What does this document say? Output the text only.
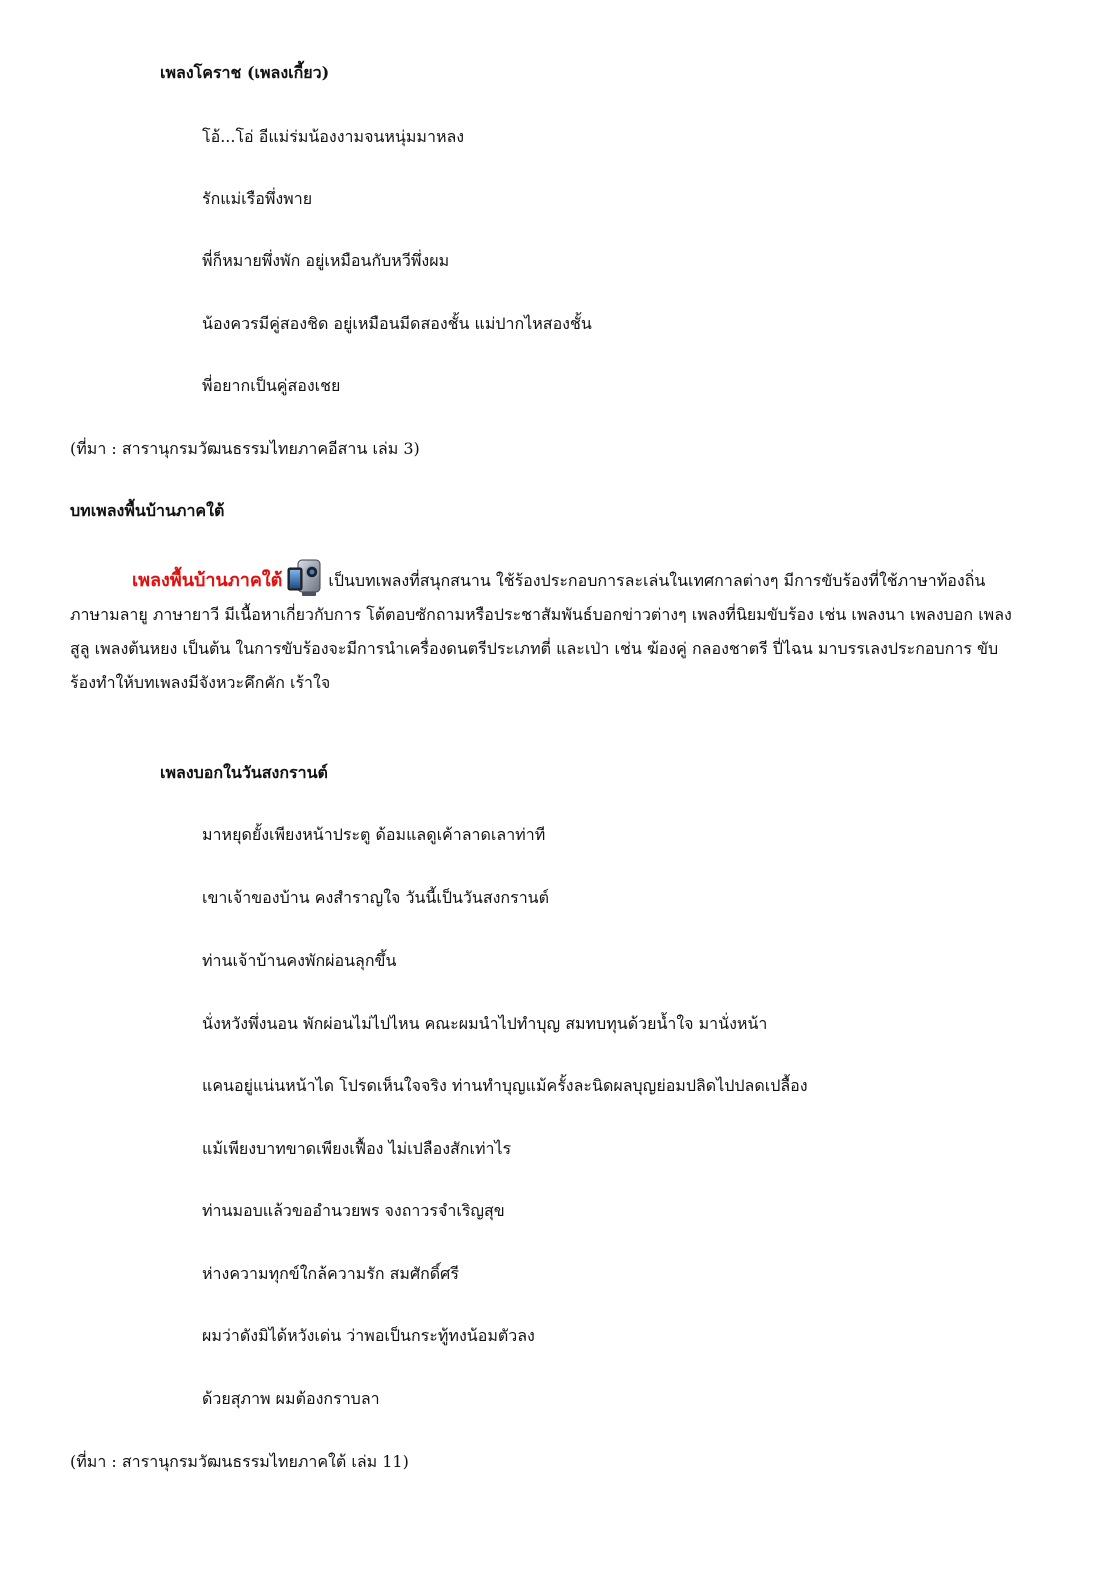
เพลงโคราช (เพลงเกี้ยว)
โอ้...โอ่ อีแม่ร่มน้องงามจนหนุ่มมาหลง
รักแม่เรือพึ่งพาย
พี่ก็หมายพึ่งพัก อยู่เหมือนกับหวีพึ่งผม
น้องควรมีคู่สองชิด อยู่เหมือนมีดสองชั้น แม่ปากไหสองชั้น
พี่อยากเป็นคู่สองเชย
(ที่มา : สารานุกรมวัฒนธรรมไทยภาคอีสาน เล่ม 3)
บทเพลงพื้นบ้านภาคใต้
เพลงพื้นบ้านภาคใต้	เป็นบทเพลงที่สนุกสนาน ใช้ร้องประกอบการละเล่นในเทศกาลต่างๆ มีการขับร้องที่ใช้ภาษาท้องถิ่น
ภาษามลายู ภาษายาวี มีเนื้อหาเกี่ยวกับการ โต้ตอบซักถามหรือประชาสัมพันธ์บอกข่าวต่างๆ เพลงที่นิยมขับร้อง เช่น เพลงนา เพลงบอก เพลง
สูลู เพลงต้นหยง เป็นต้น ในการขับร้องจะมีการนำเครื่องดนตรีประเภทตี่ และเป่า เช่น ฆ้องคู่ กลองชาตรี ปี่ไฉน มาบรรเลงประกอบการ ขับ
ร้องทำให้บทเพลงมีจังหวะคึกคัก เร้าใจ
เพลงบอกในวันสงกรานต์
มาหยุดยั้งเพียงหน้าประตู ด้อมแลดูเค้าลาดเลาท่าที
เขาเจ้าของบ้าน คงสำราญใจ วันนี้เป็นวันสงกรานต์
ท่านเจ้าบ้านคงพักผ่อนลุกขึ้น
นั่งหวังพึ่งนอน พักผ่อนไม่ไปไหน คณะผมนำไปทำบุญ สมทบทุนด้วยน้ำใจ มานั่งหน้า
แคนอยู่แน่นหน้าได โปรดเห็นใจจริง ท่านทำบุญแม้ครั้งละนิดผลบุญย่อมปลิดไปปลดเปลื้อง
แม้เพียงบาทขาดเพียงเฟื้อง ไม่เปลืองสักเท่าไร
ท่านมอบแล้วขออำนวยพร จงถาวรจำเริญสุข
ห่างความทุกข์ใกล้ความรัก สมศักดิ์ศรี
ผมว่าดังมิได้หวังเด่น ว่าพอเป็นกระทู้ทงน้อมตัวลง
ด้วยสุภาพ ผมต้องกราบลา
(ที่มา : สารานุกรมวัฒนธรรมไทยภาคใต้ เล่ม 11)
